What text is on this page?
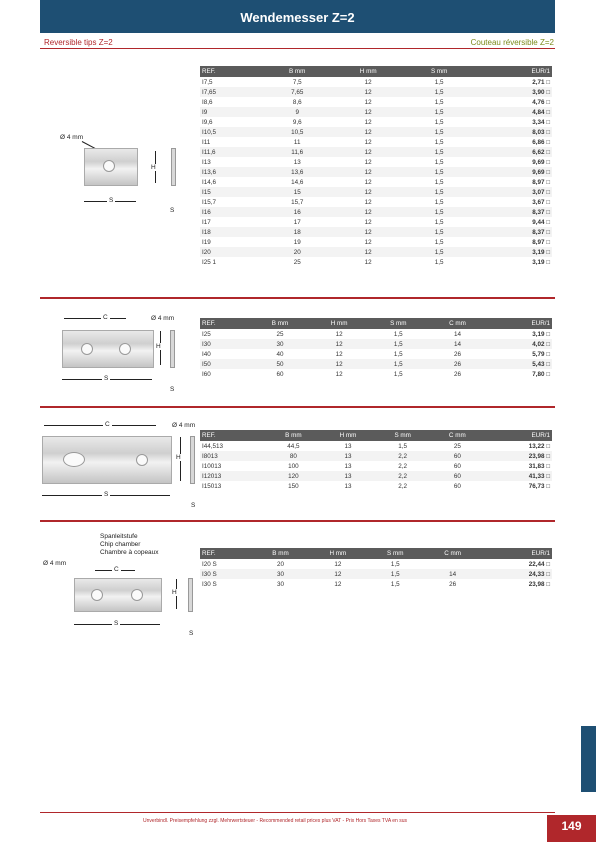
Wendemesser Z=2
Reversible tips Z=2	Couteau réversible Z=2
Ø 4 mm
H
S
S
REF.	B mm	H mm	S mm	EUR/1
I7,5	7,5	12	1,5	2,71 □
I7,65	7,65	12	1,5	3,90 □
I8,6	8,6	12	1,5	4,76 □
I9	9	12	1,5	4,84 □
I9,6	9,6	12	1,5	3,34 □
I10,5	10,5	12	1,5	8,03 □
I11	11	12	1,5	6,86 □
I11,6	11,6	12	1,5	6,62 □
I13	13	12	1,5	9,69 □
I13,6	13,6	12	1,5	9,69 □
I14,6	14,6	12	1,5	8,97 □
I15	15	12	1,5	3,07 □
I15,7	15,7	12	1,5	3,67 □
I16	16	12	1,5	8,37 □
I17	17	12	1,5	9,44 □
I18	18	12	1,5	8,37 □
I19	19	12	1,5	8,97 □
I20	20	12	1,5	3,19 □
I25 1	25	12	1,5	3,19 □
C	Ø 4 mm
H
S
S
REF.	B mm	H mm	S mm	C mm	EUR/1
I25	25	12	1,5	14	3,19 □
I30	30	12	1,5	14	4,02 □
I40	40	12	1,5	26	5,79 □
I50	50	12	1,5	26	5,43 □
I60	60	12	1,5	26	7,80 □
C	Ø 4 mm
H
S
S
REF.	B mm	H mm	S mm	C mm	EUR/1
I44,513	44,5	13	1,5	25	13,22 □
I8013	80	13	2,2	60	23,98 □
I10013	100	13	2,2	60	31,83 □
I12013	120	13	2,2	60	41,33 □
I15013	150	13	2,2	60	76,73 □
Spanleitstufe
Chip chamber
Chambre à copeaux
Ø 4 mm
C
H
S
S
REF.	B mm	H mm	S mm	C mm	EUR/1
I20 S	20	12	1,5		22,44 □
I30 S	30	12	1,5	14	24,33 □
I30 S	30	12	1,5	26	23,98 □
Unverbindl. Preisempfehlung zzgl. Mehrwertsteuer - Recommended retail prices plus VAT - Prix Hors Taxes TVA en sus	149
